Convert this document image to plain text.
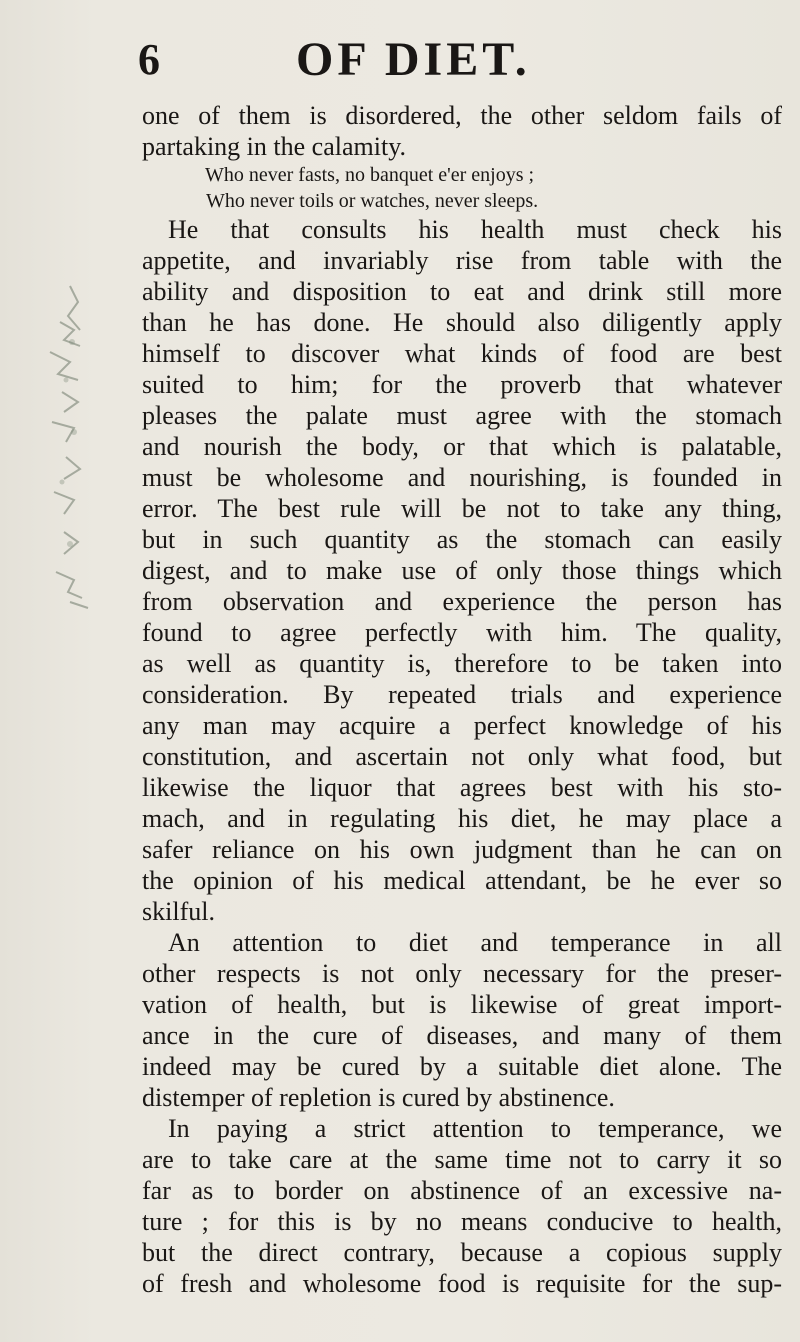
6	OF DIET.
one of them is disordered, the other seldom fails of
partaking in the calamity.
Who never fasts, no banquet e'er enjoys ;
Who never toils or watches, never sleeps.
He that consults his health must check his
appetite, and invariably rise from table with the
ability and disposition to eat and drink still more
than he has done. He should also diligently apply
himself to discover what kinds of food are best
suited to him; for the proverb that whatever
pleases the palate must agree with the stomach
and nourish the body, or that which is palatable,
must be wholesome and nourishing, is founded in
error. The best rule will be not to take any thing,
but in such quantity as the stomach can easily
digest, and to make use of only those things which
from observation and experience the person has
found to agree perfectly with him. The quality,
as well as quantity is, therefore to be taken into
consideration. By repeated trials and experience
any man may acquire a perfect knowledge of his
constitution, and ascertain not only what food, but
likewise the liquor that agrees best with his sto-
mach, and in regulating his diet, he may place a
safer reliance on his own judgment than he can on
the opinion of his medical attendant, be he ever so
skilful.
An attention to diet and temperance in all
other respects is not only necessary for the preser-
vation of health, but is likewise of great import-
ance in the cure of diseases, and many of them
indeed may be cured by a suitable diet alone. The
distemper of repletion is cured by abstinence.
In paying a strict attention to temperance, we
are to take care at the same time not to carry it so
far as to border on abstinence of an excessive na-
ture ; for this is by no means conducive to health,
but the direct contrary, because a copious supply
of fresh and wholesome food is requisite for the sup-
